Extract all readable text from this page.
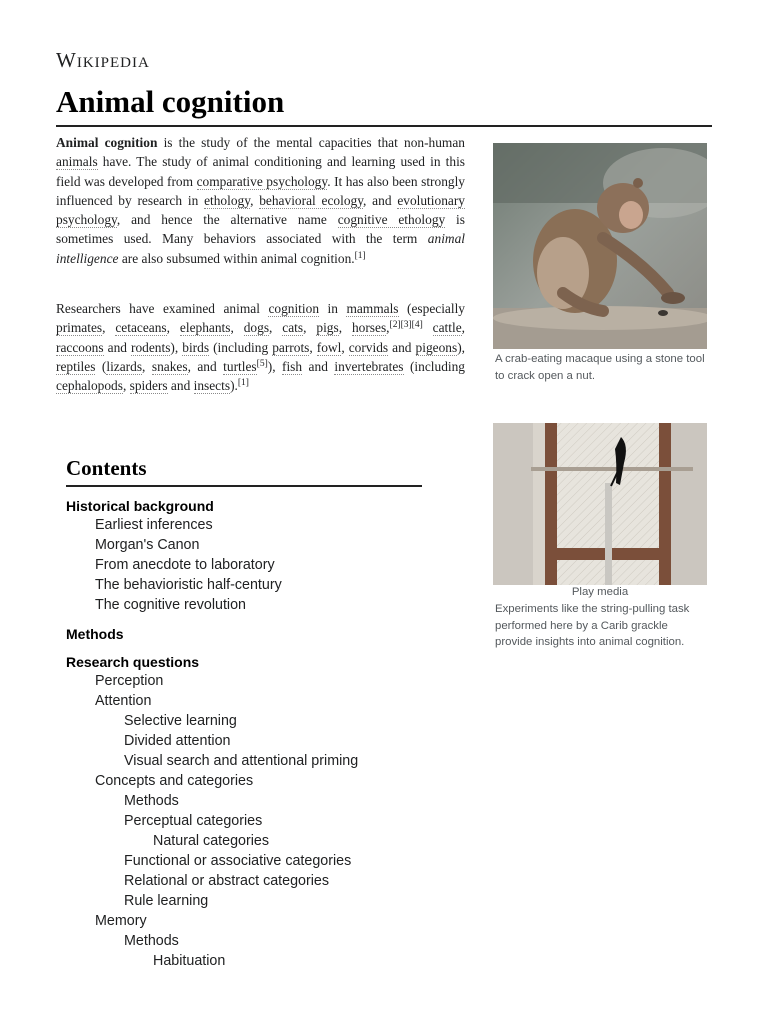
Wikipedia
Animal cognition
Animal cognition is the study of the mental capacities that non-human animals have. The study of animal conditioning and learning used in this field was developed from comparative psychology. It has also been strongly influenced by research in ethology, behavioral ecology, and evolutionary psychology, and hence the alternative name cognitive ethology is sometimes used. Many behaviors associated with the term animal intelligence are also subsumed within animal cognition.[1]
Researchers have examined animal cognition in mammals (especially primates, cetaceans, elephants, dogs, cats, pigs, horses,[2][3][4] cattle, raccoons and rodents), birds (including parrots, fowl, corvids and pigeons), reptiles (lizards, snakes, and turtles[5]), fish and invertebrates (including cephalopods, spiders and insects).[1]
A crab-eating macaque using a stone tool to crack open a nut.
Play media
Experiments like the string-pulling task performed here by a Carib grackle provide insights into animal cognition.
Contents
Historical background
Earliest inferences
Morgan's Canon
From anecdote to laboratory
The behavioristic half-century
The cognitive revolution
Methods
Research questions
Perception
Attention
Selective learning
Divided attention
Visual search and attentional priming
Concepts and categories
Methods
Perceptual categories
Natural categories
Functional or associative categories
Relational or abstract categories
Rule learning
Memory
Methods
Habituation
